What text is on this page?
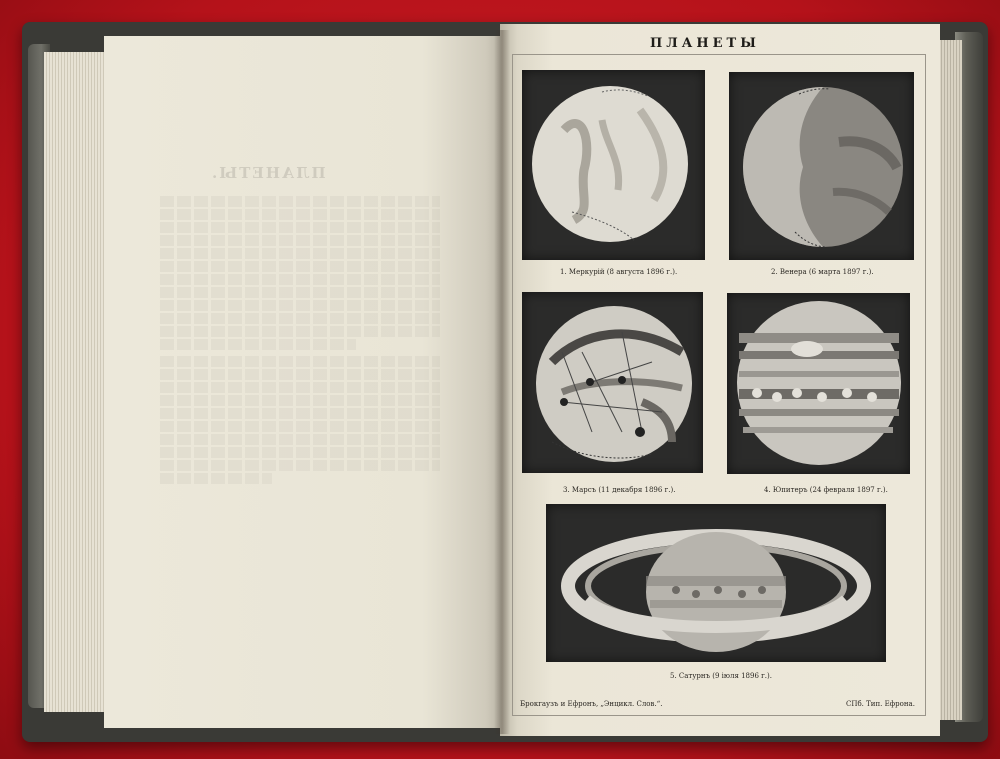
ПЛАНЕТЫ.
ПЛАНЕТЫ
1. Меркурій (8 августа 1896 г.).	2. Венера (6 марта 1897 г.).
3. Марсъ (11 декабря 1896 г.).	4. Юпитеръ (24 февраля 1897 г.).
5. Сатурнъ (9 іюля 1896 г.).
Брокгаузъ и Ефронъ, „Энцикл. Слов.“.	СПб. Тип. Ефрона.
